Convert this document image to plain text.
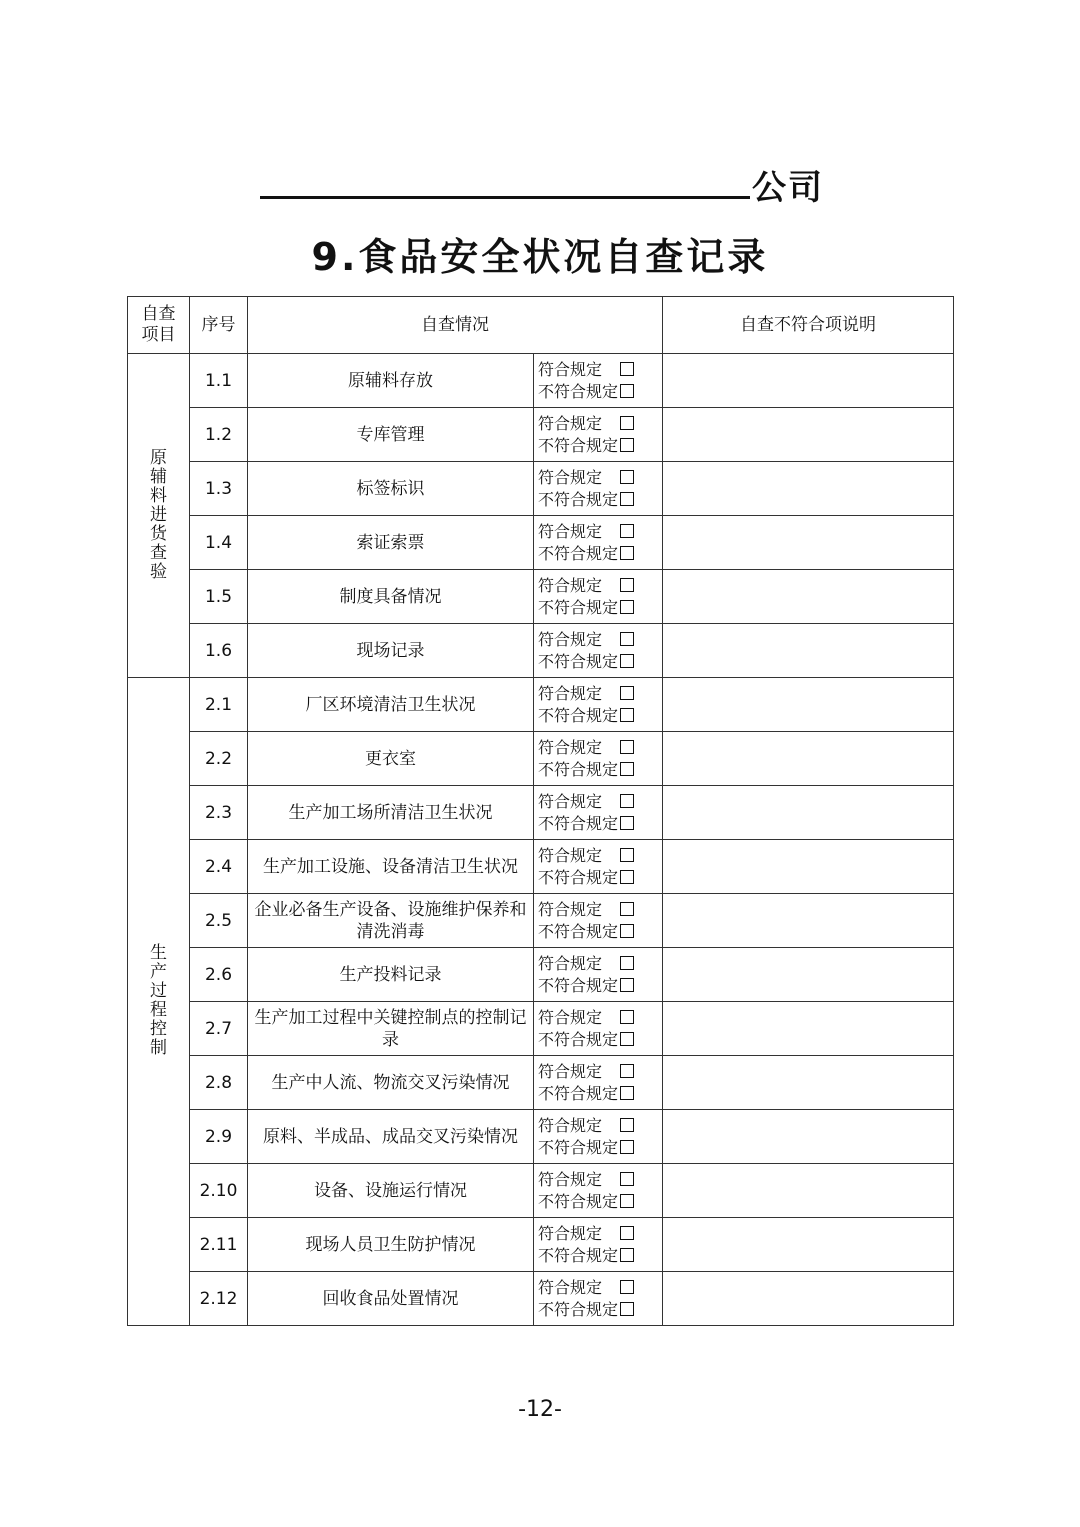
公司
9.食品安全状况自查记录
自查项目	序号	自查情况		自查不符合项说明
原辅料进货查验	1.1	原辅料存放	符合规定
不符合规定	

	1.2	专库管理	符合规定
不符合规定	

	1.3	标签标识	符合规定
不符合规定	

	1.4	索证索票	符合规定
不符合规定	

	1.5	制度具备情况	符合规定
不符合规定	

	1.6	现场记录	符合规定
不符合规定	

生产过程控制	2.1	厂区环境清洁卫生状况	符合规定
不符合规定	

	2.2	更衣室	符合规定
不符合规定	

	2.3	生产加工场所清洁卫生状况	符合规定
不符合规定	

	2.4	生产加工设施、设备清洁卫生状况	符合规定
不符合规定	

	2.5	企业必备生产设备、设施维护保养和清洗消毒	符合规定
不符合规定	

	2.6	生产投料记录	符合规定
不符合规定	

	2.7	生产加工过程中关键控制点的控制记录	符合规定
不符合规定	

	2.8	生产中人流、物流交叉污染情况	符合规定
不符合规定	

	2.9	原料、半成品、成品交叉污染情况	符合规定
不符合规定	

	2.10	设备、设施运行情况	符合规定
不符合规定	

	2.11	现场人员卫生防护情况	符合规定
不符合规定	

	2.12	回收食品处置情况	符合规定
不符合规定	

-12-
